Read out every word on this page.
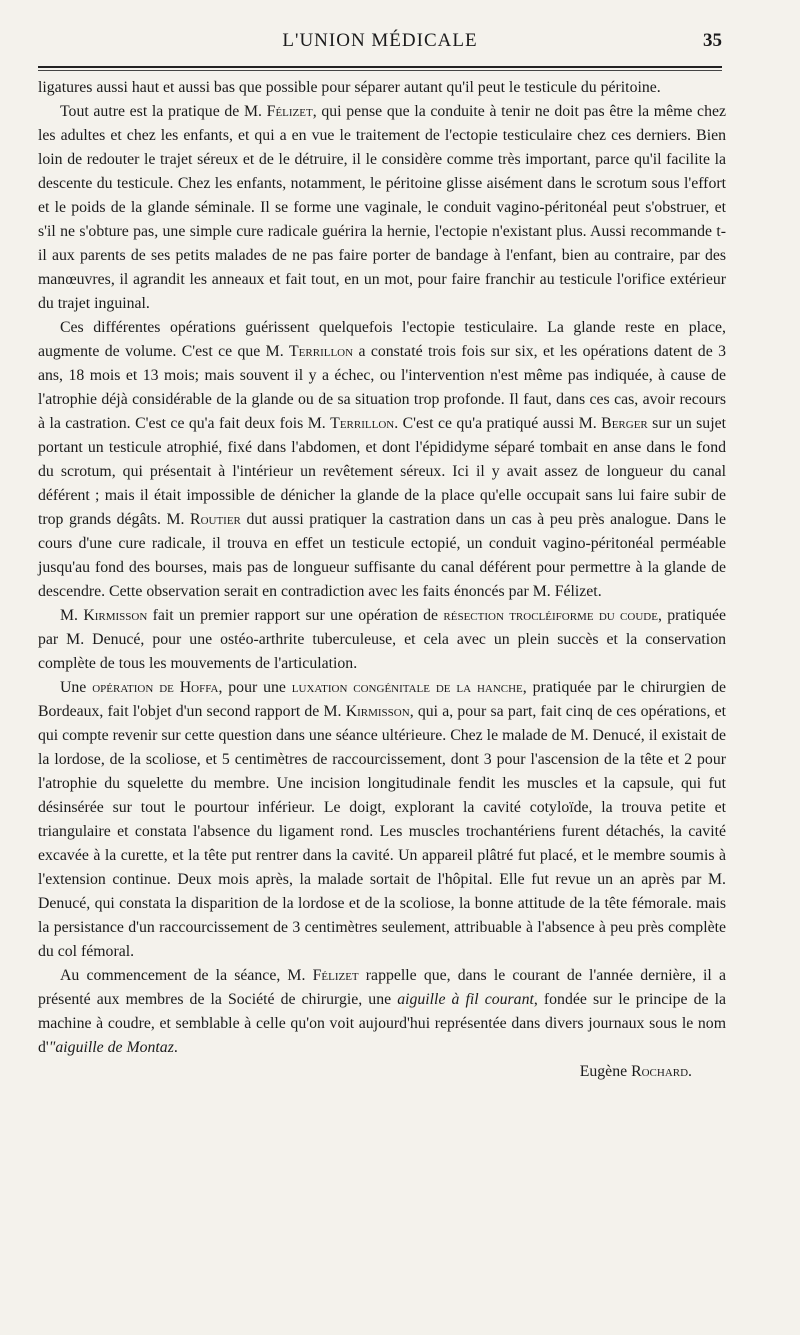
L'UNION MÉDICALE	35

ligatures aussi haut et aussi bas que possible pour séparer autant qu'il peut le testicule du péritoine.

Tout autre est la pratique de M. Félizet, qui pense que la conduite à tenir ne doit pas être la même chez les adultes et chez les enfants, et qui a en vue le traitement de l'ectopie testiculaire chez ces derniers. Bien loin de redouter le trajet séreux et de le détruire, il le considère comme très important, parce qu'il facilite la descente du testicule. Chez les enfants, notamment, le péritoine glisse aisément dans le scrotum sous l'effort et le poids de la glande séminale. Il se forme une vaginale, le conduit vagino-péritonéal peut s'obstruer, et s'il ne s'obture pas, une simple cure radicale guérira la hernie, l'ectopie n'existant plus. Aussi recommande t-il aux parents de ses petits malades de ne pas faire porter de bandage à l'enfant, bien au contraire, par des manœuvres, il agrandit les anneaux et fait tout, en un mot, pour faire franchir au testicule l'orifice extérieur du trajet inguinal.

Ces différentes opérations guérissent quelquefois l'ectopie testiculaire. La glande reste en place, augmente de volume. C'est ce que M. Terrillon a constaté trois fois sur six, et les opérations datent de 3 ans, 18 mois et 13 mois; mais souvent il y a échec, ou l'intervention n'est même pas indiquée, à cause de l'atrophie déjà considérable de la glande ou de sa situation trop profonde. Il faut, dans ces cas, avoir recours à la castration. C'est ce qu'a fait deux fois M. Terrillon. C'est ce qu'a pratiqué aussi M. Berger sur un sujet portant un testicule atrophié, fixé dans l'abdomen, et dont l'épididyme séparé tombait en anse dans le fond du scrotum, qui présentait à l'intérieur un revêtement séreux. Ici il y avait assez de longueur du canal déférent ; mais il était impossible de dénicher la glande de la place qu'elle occupait sans lui faire subir de trop grands dégâts. M. Routier dut aussi pratiquer la castration dans un cas à peu près analogue. Dans le cours d'une cure radicale, il trouva en effet un testicule ectopié, un conduit vagino-péritonéal perméable jusqu'au fond des bourses, mais pas de longueur suffisante du canal déférent pour permettre à la glande de descendre. Cette observation serait en contradiction avec les faits énoncés par M. Félizet.

M. Kirmisson fait un premier rapport sur une opération de résection trocléiforme du coude, pratiquée par M. Denucé, pour une ostéo-arthrite tuberculeuse, et cela avec un plein succès et la conservation complète de tous les mouvements de l'articulation.

Une opération de Hoffa, pour une luxation congénitale de la hanche, pratiquée par le chirurgien de Bordeaux, fait l'objet d'un second rapport de M. Kirmisson, qui a, pour sa part, fait cinq de ces opérations, et qui compte revenir sur cette question dans une séance ultérieure. Chez le malade de M. Denucé, il existait de la lordose, de la scoliose, et 5 centimètres de raccourcissement, dont 3 pour l'ascension de la tête et 2 pour l'atrophie du squelette du membre. Une incision longitudinale fendit les muscles et la capsule, qui fut désinsérée sur tout le pourtour inférieur. Le doigt, explorant la cavité cotyloïde, la trouva petite et triangulaire et constata l'absence du ligament rond. Les muscles trochantériens furent détachés, la cavité excavée à la curette, et la tête put rentrer dans la cavité. Un appareil plâtré fut placé, et le membre soumis à l'extension continue. Deux mois après, la malade sortait de l'hôpital. Elle fut revue un an après par M. Denucé, qui constata la disparition de la lordose et de la scoliose, la bonne attitude de la tête fémorale. mais la persistance d'un raccourcissement de 3 centimètres seulement, attribuable à l'absence à peu près complète du col fémoral.

Au commencement de la séance, M. Félizet rappelle que, dans le courant de l'année dernière, il a présenté aux membres de la Société de chirurgie, une aiguille à fil courant, fondée sur le principe de la machine à coudre, et semblable à celle qu'on voit aujourd'hui représentée dans divers journaux sous le nom d'"aiguille de Montaz.

Eugène Rochard.
